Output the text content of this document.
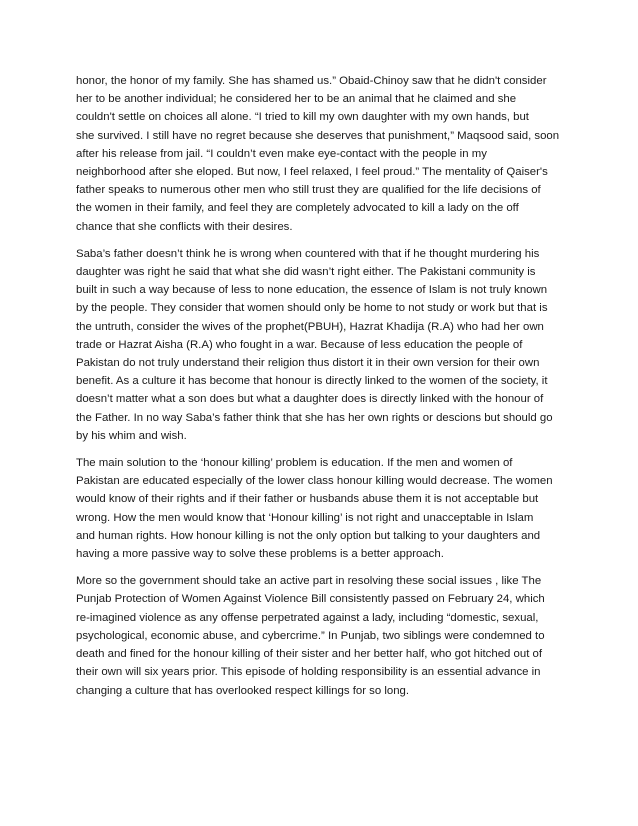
honor, the honor of my family. She has shamed us.” Obaid-Chinoy saw that he didn't consider
her to be another individual; he considered her to be an animal that he claimed and she
couldn't settle on choices all alone. “I tried to kill my own daughter with my own hands, but
she survived. I still have no regret because she deserves that punishment,” Maqsood said, soon
after his release from jail. “I couldn’t even make eye-contact with the people in my
neighborhood after she eloped. But now, I feel relaxed, I feel proud.” The mentality of Qaiser's
father speaks to numerous other men who still trust they are qualified for the life decisions of
the women in their family, and feel they are completely advocated to kill a lady on the off
chance that she conflicts with their desires.

Saba’s father doesn’t think he is wrong when countered with that if he thought murdering his
daughter was right he said that what she did wasn’t right either. The Pakistani community is
built in such a way because of less to none education, the essence of Islam is not truly known
by the people. They consider that women should only be home to not study or work but that is
the untruth, consider the wives of the prophet(PBUH), Hazrat Khadija (R.A) who had her own
trade or Hazrat Aisha (R.A) who fought in a war. Because of less education the people of
Pakistan do not truly understand their religion thus distort it in their own version for their own
benefit. As a culture it has become that honour is directly linked to the women of the society, it
doesn’t matter what a son does but what a daughter does is directly linked with the honour of
the Father. In no way Saba’s father think that she has her own rights or descions but should go
by his whim and wish.

The main solution to the ‘honour killing’ problem is education. If the men and women of
Pakistan are educated especially of the lower class honour killing would decrease. The women
would know of their rights and if their father or husbands abuse them it is not acceptable but
wrong. How the men would know that ‘Honour killing’ is not right and unacceptable in Islam
and human rights. How honour killing is not the only option but talking to your daughters and
having a more passive way to solve these problems is a better approach.

More so the government should take an active part in resolving these social issues , like The
Punjab Protection of Women Against Violence Bill consistently passed on February 24, which
re-imagined violence as any offense perpetrated against a lady, including “domestic, sexual,
psychological, economic abuse, and cybercrime.” In Punjab, two siblings were condemned to
death and fined for the honour killing of their sister and her better half, who got hitched out of
their own will six years prior. This episode of holding responsibility is an essential advance in
changing a culture that has overlooked respect killings for so long.
